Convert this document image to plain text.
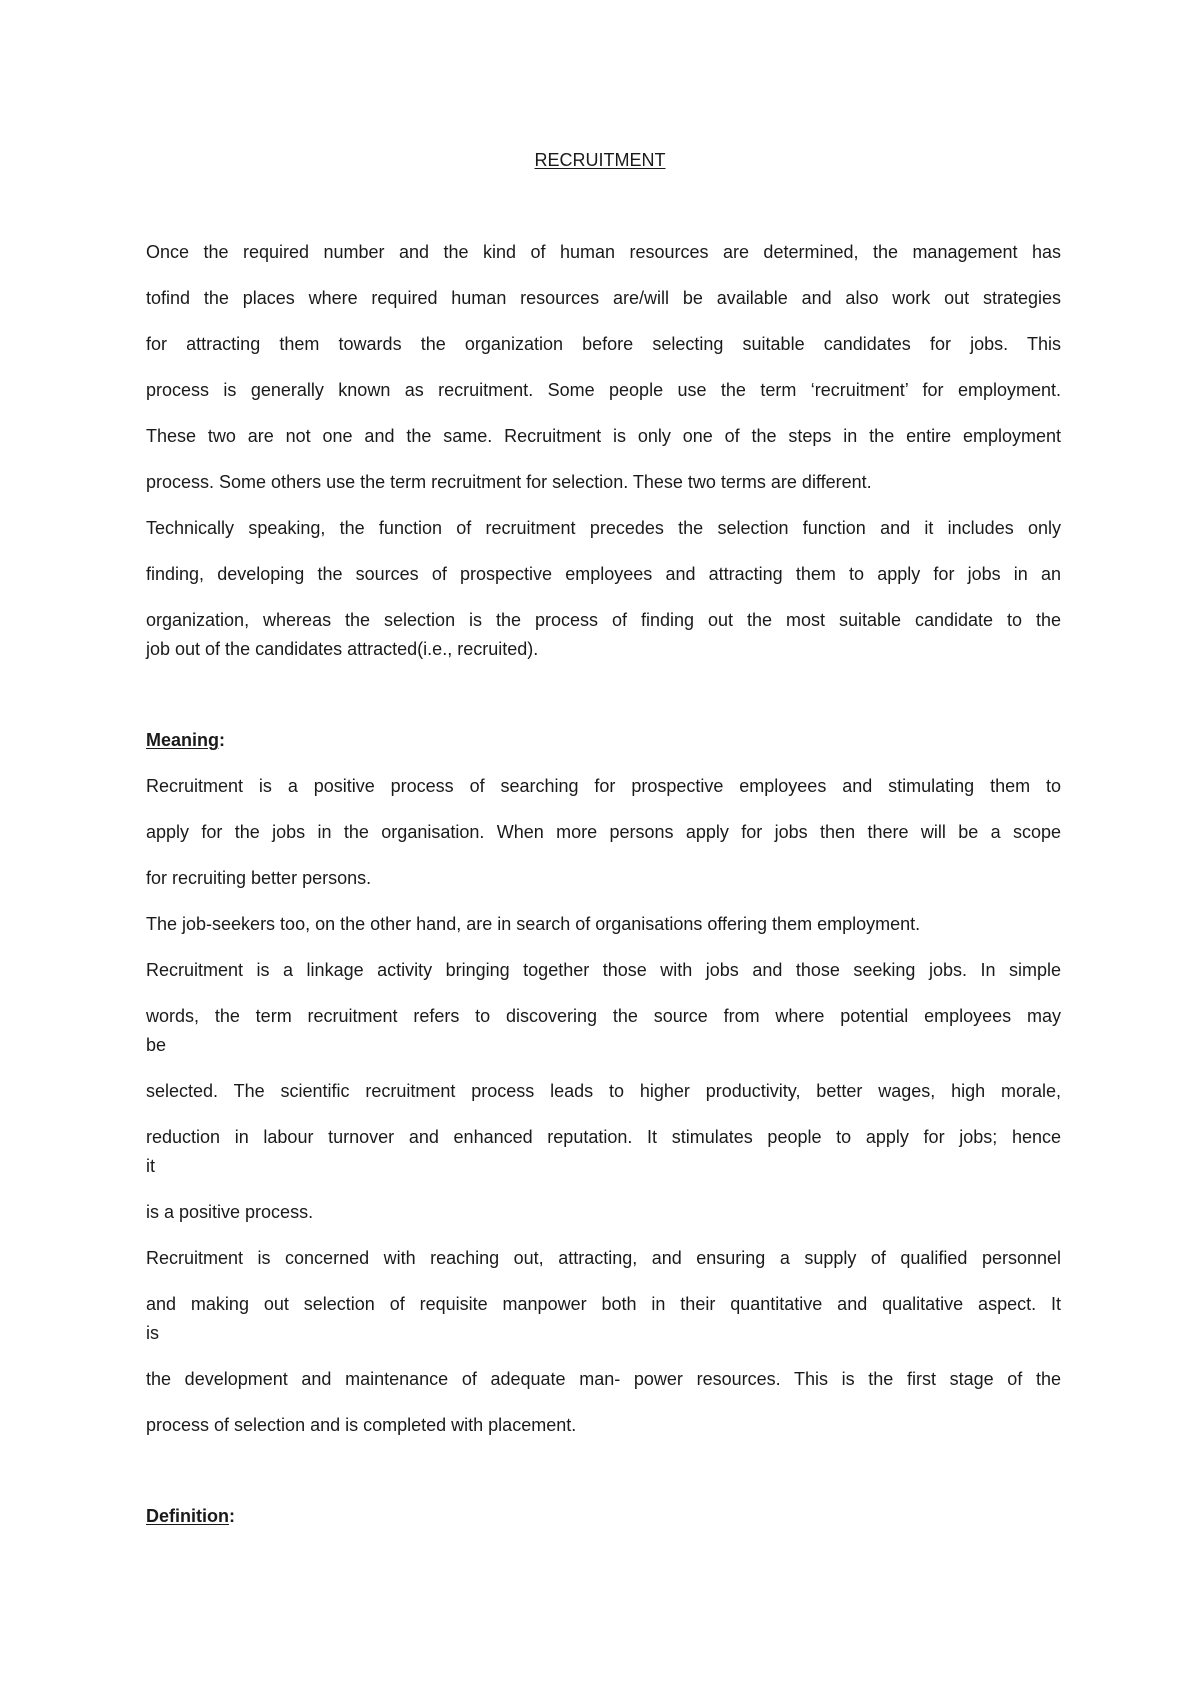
RECRUITMENT

Once the required number and the kind of human resources are determined, the management has

tofind the places where required human resources are/will be available and also work out strategies

for attracting them towards the organization before selecting suitable candidates for jobs. This

process is generally known as recruitment. Some people use the term ‘recruitment’ for employment.

These two are not one and the same. Recruitment is only one of the steps in the entire employment

process. Some others use the term recruitment for selection. These two terms are different.

Technically speaking, the function of recruitment precedes the selection function and it includes only

finding, developing the sources of prospective employees and attracting them to apply for jobs in an

organization, whereas the selection is the process of finding out the most suitable candidate to the

job out of the candidates attracted(i.e., recruited).

Meaning:

Recruitment is a positive process of searching for prospective employees and stimulating them to

apply for the jobs in the organisation. When more persons apply for jobs then there will be a scope

for recruiting better persons.

The job-seekers too, on the other hand, are in search of organisations offering them employment.

Recruitment is a linkage activity bringing together those with jobs and those seeking jobs. In simple

words, the term recruitment refers to discovering the source from where potential employees may

be

selected. The scientific recruitment process leads to higher productivity, better wages, high morale,

reduction in labour turnover and enhanced reputation. It stimulates people to apply for jobs; hence

it

is a positive process.

Recruitment is concerned with reaching out, attracting, and ensuring a supply of qualified personnel

and making out selection of requisite manpower both in their quantitative and qualitative aspect. It

is

the development and maintenance of adequate man- power resources. This is the first stage of the

process of selection and is completed with placement.

Definition:
